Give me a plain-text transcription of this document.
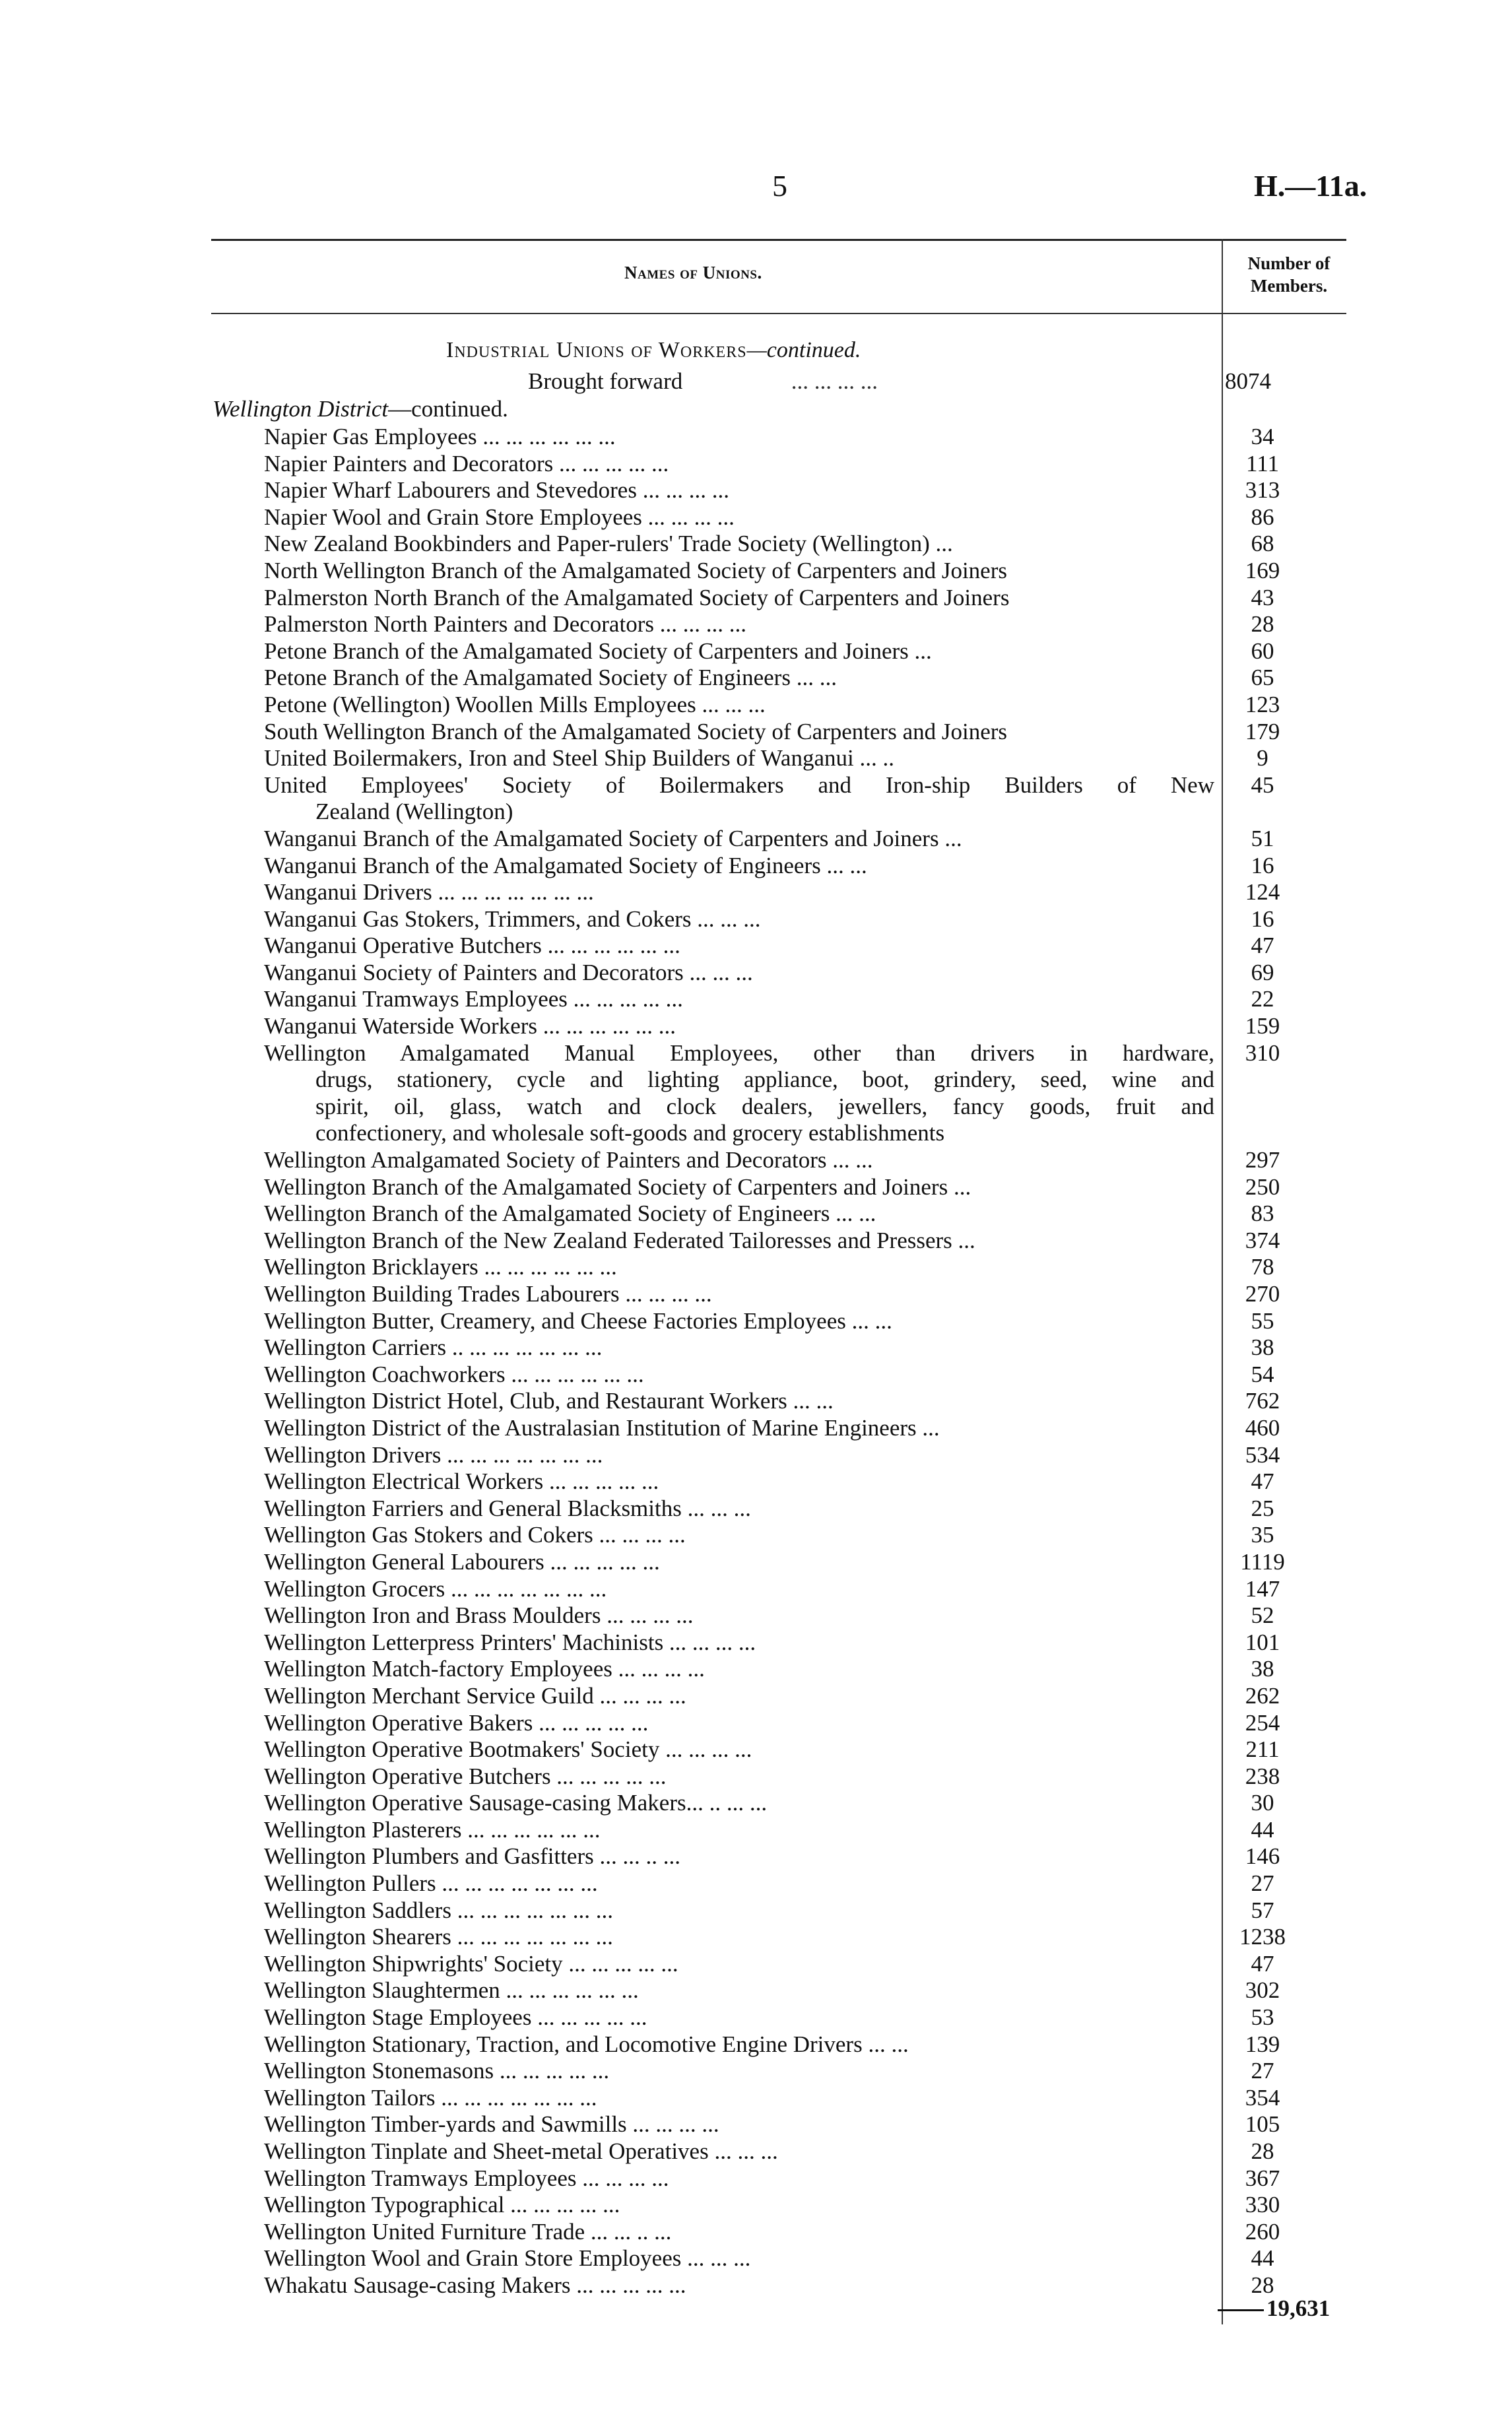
5	H.—11a.
Names of Unions.	Number of
Members.
Industrial Unions of Workers—continued.
Brought forward	... ... ... ...	8074
Wellington District—continued.
Napier Gas Employees ... ... ... ... ... ...	34
Napier Painters and Decorators ... ... ... ... ...	111
Napier Wharf Labourers and Stevedores ... ... ... ...	313
Napier Wool and Grain Store Employees ... ... ... ...	86
New Zealand Bookbinders and Paper-rulers' Trade Society (Wellington) ...	68
North Wellington Branch of the Amalgamated Society of Carpenters and Joiners	169
Palmerston North Branch of the Amalgamated Society of Carpenters and Joiners	43
Palmerston North Painters and Decorators ... ... ... ...	28
Petone Branch of the Amalgamated Society of Carpenters and Joiners ...	60
Petone Branch of the Amalgamated Society of Engineers ... ...	65
Petone (Wellington) Woollen Mills Employees ... ... ...	123
South Wellington Branch of the Amalgamated Society of Carpenters and Joiners	179
United Boilermakers, Iron and Steel Ship Builders of Wanganui ... ..	9
United Employees' Society of Boilermakers and Iron-ship Builders of New	45
Zealand (Wellington)
Wanganui Branch of the Amalgamated Society of Carpenters and Joiners ...	51
Wanganui Branch of the Amalgamated Society of Engineers ... ...	16
Wanganui Drivers ... ... ... ... ... ... ...	124
Wanganui Gas Stokers, Trimmers, and Cokers ... ... ...	16
Wanganui Operative Butchers ... ... ... ... ... ...	47
Wanganui Society of Painters and Decorators ... ... ...	69
Wanganui Tramways Employees ... ... ... ... ...	22
Wanganui Waterside Workers ... ... ... ... ... ...	159
Wellington Amalgamated Manual Employees, other than drivers in hardware,	310
drugs, stationery, cycle and lighting appliance, boot, grindery, seed, wine and
spirit, oil, glass, watch and clock dealers, jewellers, fancy goods, fruit and
confectionery, and wholesale soft-goods and grocery establishments
Wellington Amalgamated Society of Painters and Decorators ... ...	297
Wellington Branch of the Amalgamated Society of Carpenters and Joiners ...	250
Wellington Branch of the Amalgamated Society of Engineers ... ...	83
Wellington Branch of the New Zealand Federated Tailoresses and Pressers ...	374
Wellington Bricklayers ... ... ... ... ... ...	78
Wellington Building Trades Labourers ... ... ... ...	270
Wellington Butter, Creamery, and Cheese Factories Employees ... ...	55
Wellington Carriers .. ... ... ... ... ... ...	38
Wellington Coachworkers ... ... ... ... ... ...	54
Wellington District Hotel, Club, and Restaurant Workers ... ...	762
Wellington District of the Australasian Institution of Marine Engineers ...	460
Wellington Drivers ... ... ... ... ... ... ...	534
Wellington Electrical Workers ... ... ... ... ...	47
Wellington Farriers and General Blacksmiths ... ... ...	25
Wellington Gas Stokers and Cokers ... ... ... ...	35
Wellington General Labourers ... ... ... ... ...	1119
Wellington Grocers ... ... ... ... ... ... ...	147
Wellington Iron and Brass Moulders ... ... ... ...	52
Wellington Letterpress Printers' Machinists ... ... ... ...	101
Wellington Match-factory Employees ... ... ... ...	38
Wellington Merchant Service Guild ... ... ... ...	262
Wellington Operative Bakers ... ... ... ... ...	254
Wellington Operative Bootmakers' Society ... ... ... ...	211
Wellington Operative Butchers ... ... ... ... ...	238
Wellington Operative Sausage-casing Makers... .. ... ...	30
Wellington Plasterers ... ... ... ... ... ...	44
Wellington Plumbers and Gasfitters ... ... .. ...	146
Wellington Pullers ... ... ... ... ... ... ...	27
Wellington Saddlers ... ... ... ... ... ... ...	57
Wellington Shearers ... ... ... ... ... ... ...	1238
Wellington Shipwrights' Society ... ... ... ... ...	47
Wellington Slaughtermen ... ... ... ... ... ...	302
Wellington Stage Employees ... ... ... ... ...	53
Wellington Stationary, Traction, and Locomotive Engine Drivers ... ...	139
Wellington Stonemasons ... ... ... ... ...	27
Wellington Tailors ... ... ... ... ... ... ...	354
Wellington Timber-yards and Sawmills ... ... ... ...	105
Wellington Tinplate and Sheet-metal Operatives ... ... ...	28
Wellington Tramways Employees ... ... ... ...	367
Wellington Typographical ... ... ... ... ...	330
Wellington United Furniture Trade ... ... .. ...	260
Wellington Wool and Grain Store Employees ... ... ...	44
Whakatu Sausage-casing Makers ... ... ... ... ...	28
19,631
